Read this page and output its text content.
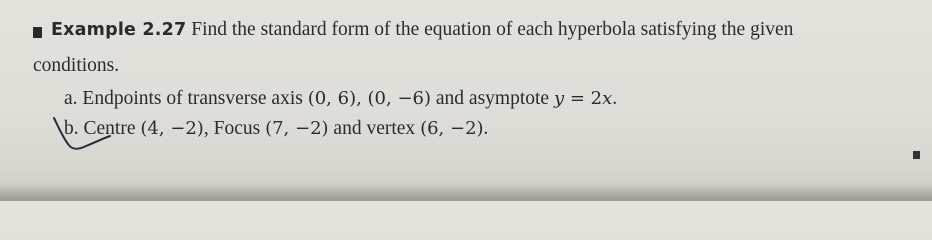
Example 2.27 Find the standard form of the equation of each hyperbola satisfying the given
conditions.
a. Endpoints of transverse axis (0, 6), (0, −6) and asymptote y = 2x.
b. Centre (4, −2), Focus (7, −2) and vertex (6, −2).
